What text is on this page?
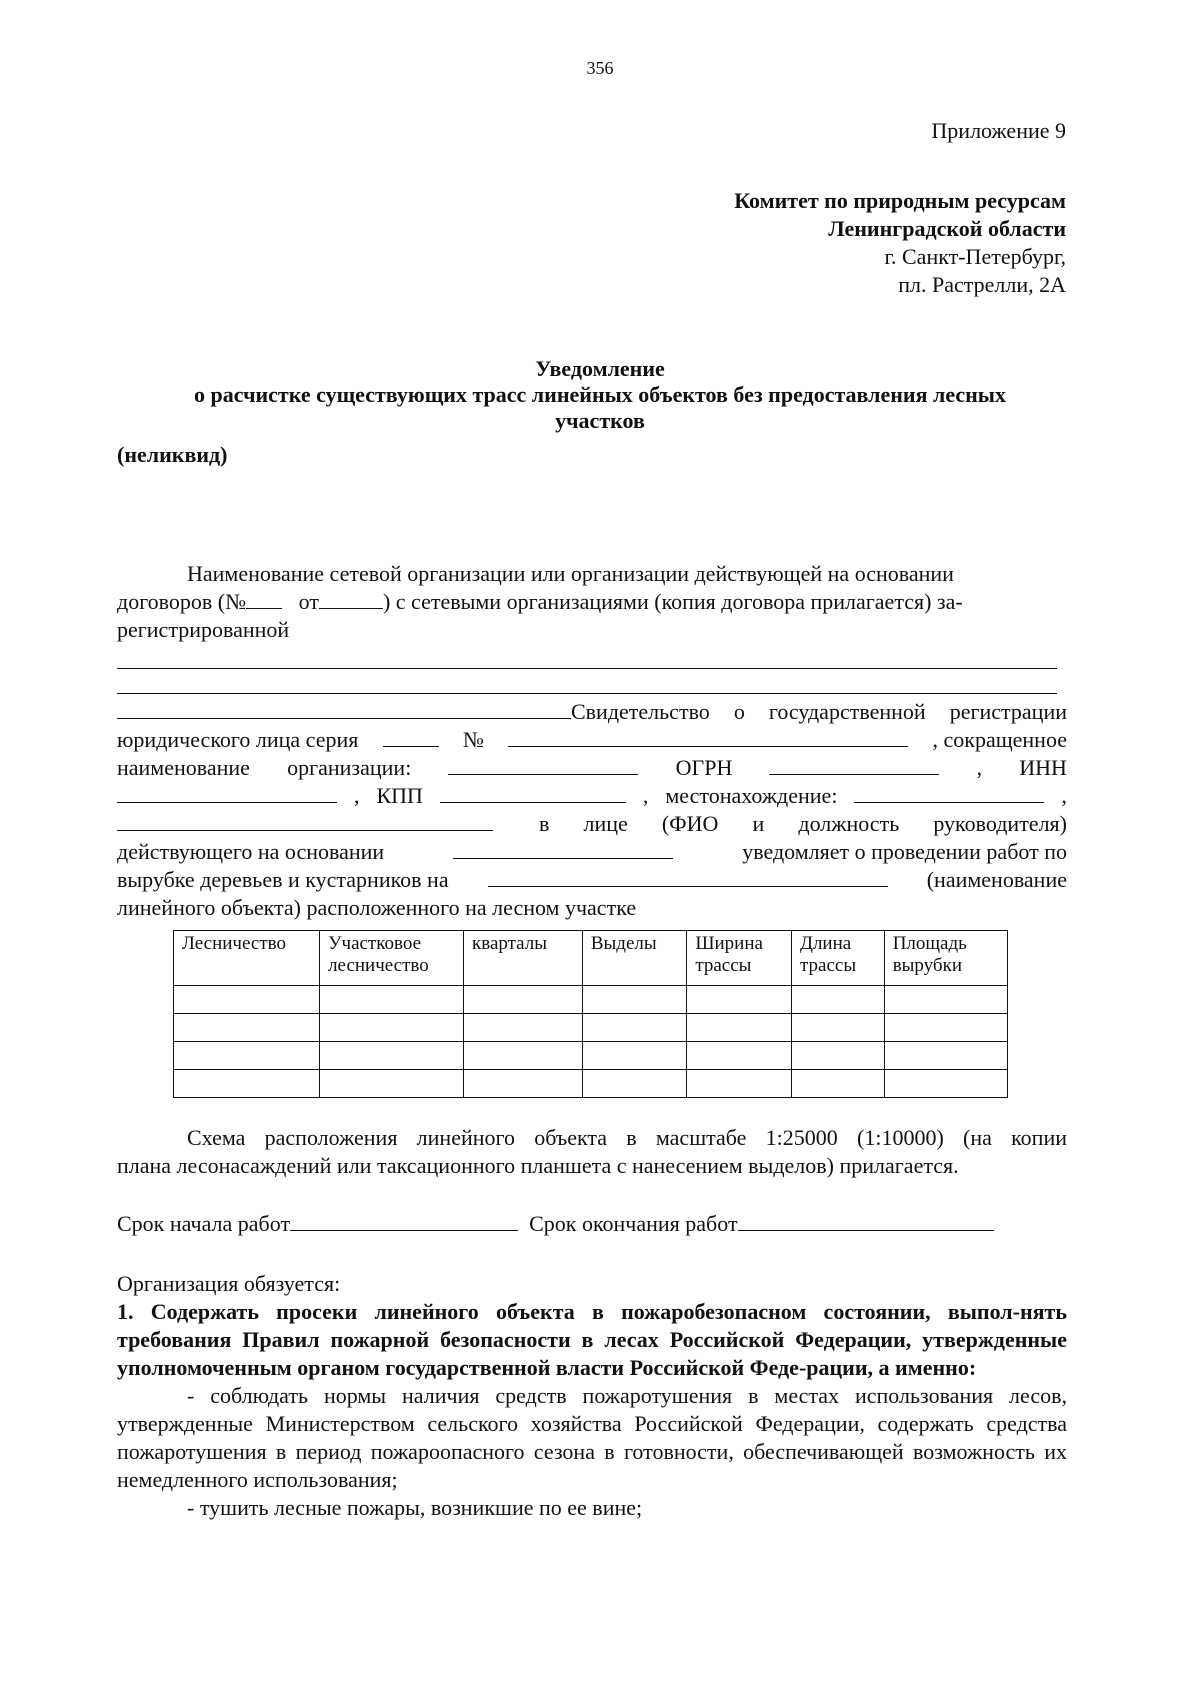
356
Приложение 9
Комитет по природным ресурсам
Ленинградской области
г. Санкт-Петербург,
пл. Растрелли, 2А
Уведомление
о расчистке существующих трасс линейных объектов без предоставления лесных
участков
(неликвид)
Наименование сетевой организации или организации действующей на основании
договоров (№ от	) с сетевыми организациями (копия договора прилагается) за-
регистрированной
Свидетельство о государственной регистрации
юридического лица серия	№	, сокращенное
наименование организации:	ОГРН	, ИНН
, КПП	, местонахождение:	,
в лице (ФИО и должность руководителя)
действующего на основании	уведомляет о проведении работ по
вырубке деревьев и кустарников на	(наименование
линейного объекта) расположенного на лесном участке
Лесничество	Участковое лесничество	кварталы	Выделы	Ширина трассы	Длина трассы	Площадь вырубки

Схема расположения линейного объекта в масштабе 1:25000 (1:10000) (на копии
плана лесонасаждений или таксационного планшета с нанесением выделов) прилагается.
Срок начала работ	Срок окончания работ
Организация обязуется:
1. Содержать просеки линейного объекта в пожаробезопасном состоянии, выпол-нять требования Правил пожарной безопасности в лесах Российской Федерации, утвержденные уполномоченным органом государственной власти Российской Феде-рации, а именно:
- соблюдать нормы наличия средств пожаротушения в местах использования лесов, утвержденные Министерством сельского хозяйства Российской Федерации, содержать средства пожаротушения в период пожароопасного сезона в готовности, обеспечивающей возможность их немедленного использования;
- тушить лесные пожары, возникшие по ее вине;
